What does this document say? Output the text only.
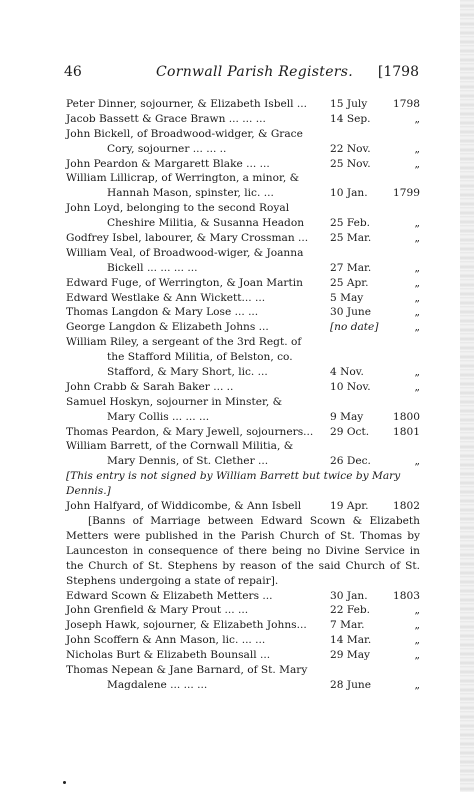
46	Cornwall Parish Registers. [1798
Peter Dinner, sojourner, & Elizabeth Isbell ...	15 July	1798
Jacob Bassett & Grace Brawn ... ... ...	14 Sep.	„
John Bickell, of Broadwood-widger, & Grace
Cory, sojourner ... ... ..	22 Nov.	„
John Peardon & Margarett Blake ... ...	25 Nov.	„
William Lillicrap, of Werrington, a minor, &
Hannah Mason, spinster, lic. ...	10 Jan.	1799
John Loyd, belonging to the second Royal
Cheshire Militia, & Susanna Headon	25 Feb.	„
Godfrey Isbel, labourer, & Mary Crossman ...	25 Mar.	„
William Veal, of Broadwood-wiger, & Joanna
Bickell ... ... ... ...	27 Mar.	„
Edward Fuge, of Werrington, & Joan Martin	25 Apr.	„
Edward Westlake & Ann Wickett... ...	5 May	„
Thomas Langdon & Mary Lose ... ...	30 June	„
George Langdon & Elizabeth Johns ...	[no date]	„
William Riley, a sergeant of the 3rd Regt. of
the Stafford Militia, of Belston, co.
Stafford, & Mary Short, lic. ...	4 Nov.	„
John Crabb & Sarah Baker ... ..	10 Nov.	„
Samuel Hoskyn, sojourner in Minster, &
Mary Collis ... ... ...	9 May	1800
Thomas Peardon, & Mary Jewell, sojourners...	29 Oct.	1801
William Barrett, of the Cornwall Militia, &
Mary Dennis, of St. Clether ...	26 Dec.	„
[This entry is not signed by William Barrett but twice by Mary Dennis.]
John Halfyard, of Widdicombe, & Ann Isbell	19 Apr.	1802
[Banns of Marriage between Edward Scown & Elizabeth Metters were published in the Parish Church of St. Thomas by Launceston in consequence of there being no Divine Service in the Church of St. Stephens by reason of the said Church of St. Stephens undergoing a state of repair].
Edward Scown & Elizabeth Metters ...	30 Jan.	1803
John Grenfield & Mary Prout ... ...	22 Feb.	„
Joseph Hawk, sojourner, & Elizabeth Johns...	7 Mar.	„
John Scoffern & Ann Mason, lic. ... ...	14 Mar.	„
Nicholas Burt & Elizabeth Bounsall ...	29 May	„
Thomas Nepean & Jane Barnard, of St. Mary
Magdalene ... ... ...	28 June	„
